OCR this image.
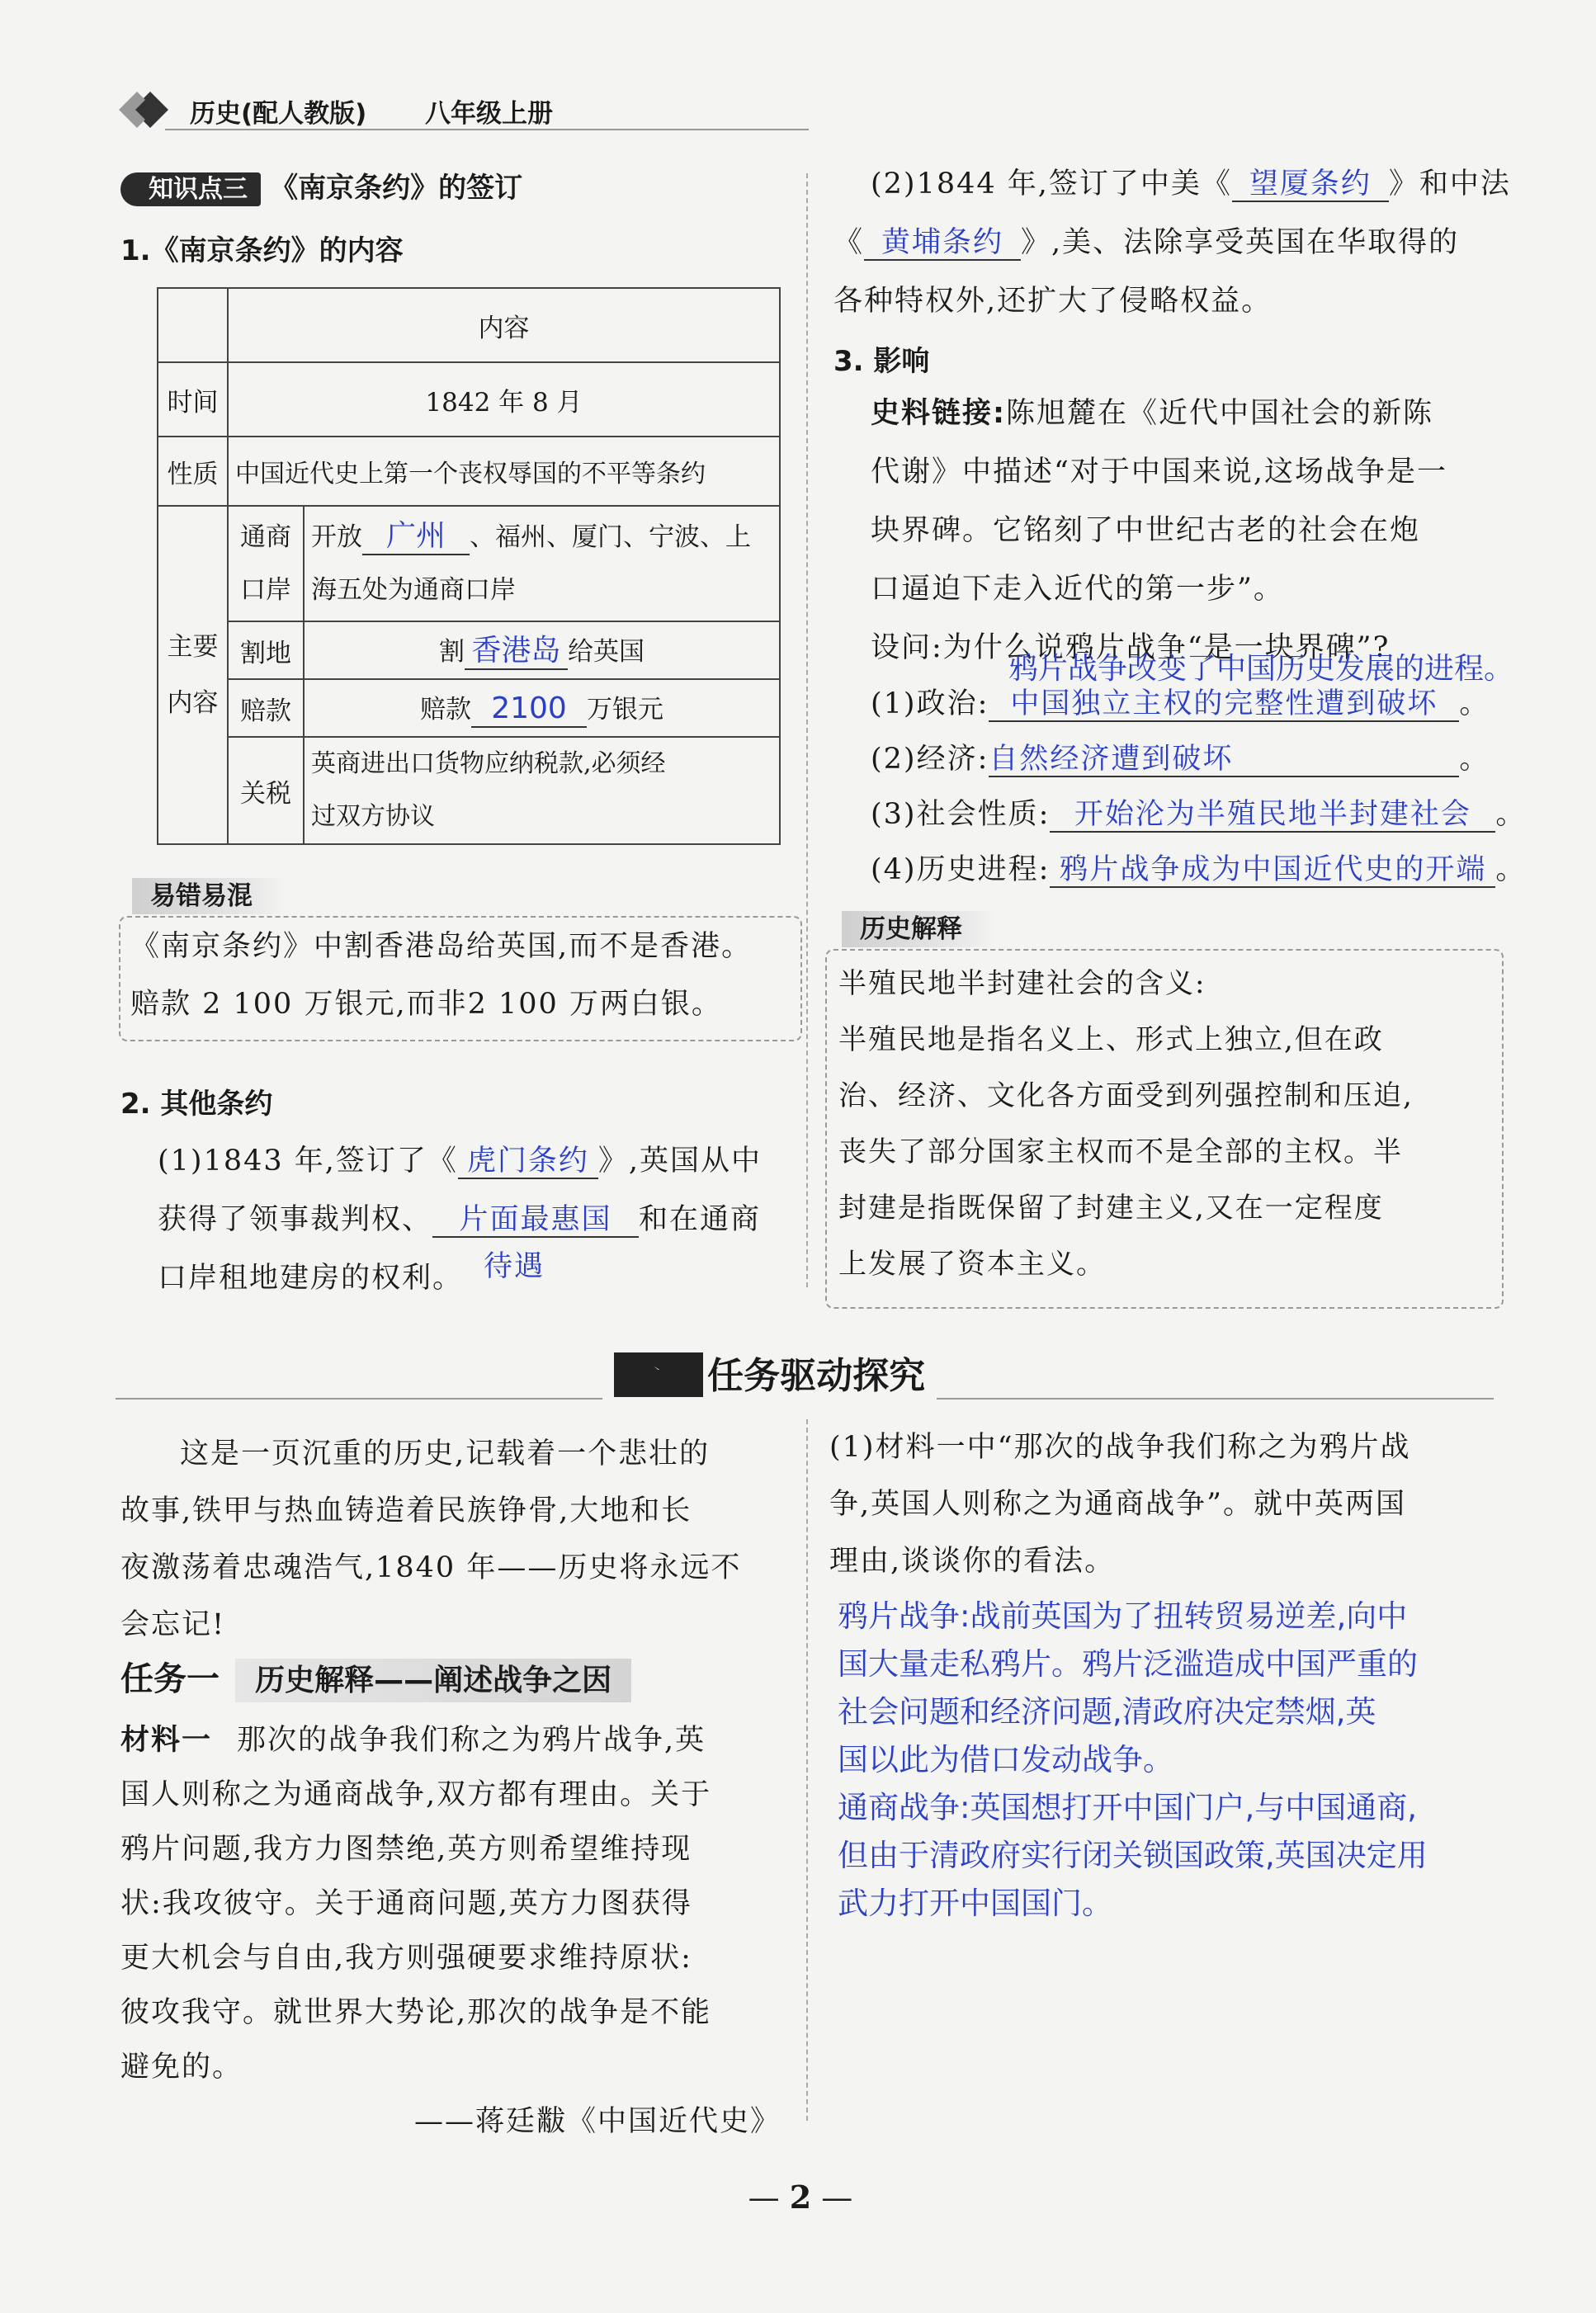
历史(配人教版) 八年级上册
知识点三 《南京条约》的签订
1.《南京条约》的内容
	内容	
时间	1842 年 8 月	
性质	中国近代史上第一个丧权辱国的不平等条约	
主要内容	通商口岸	开放 广州 、福州、厦门、宁波、上
海五处为通商口岸
	割地	割 香港岛 给英国
	赔款	赔款 2100 万银元
	关税	英商进出口货物应纳税款,必须经
过双方协议
易错易混
《南京条约》中割香港岛给英国,而不是香港。
赔款 2 100 万银元,而非2 100 万两白银。
2. 其他条约
(1)1843 年,签订了《 虎门条约 》,英国从中
获得了领事裁判权、 片面最惠国 和在通商
口岸租地建房的权利。 待遇
(2)1844 年,签订了中美《 望厦条约 》和中法
《 黄埔条约 》,美、法除享受英国在华取得的
各种特权外,还扩大了侵略权益。
3. 影响
史料链接:陈旭麓在《近代中国社会的新陈
代谢》中描述“对于中国来说,这场战争是一
块界碑。它铭刻了中世纪古老的社会在炮
口逼迫下走入近代的第一步”。
设问:为什么说鸦片战争“是一块界碑”?
鸦片战争改变了中国历史发展的进程。
(1)政治: 中国独立主权的完整性遭到破坏 。
(2)经济:自然经济遭到破坏	。
(3)社会性质: 开始沦为半殖民地半封建社会 。
(4)历史进程: 鸦片战争成为中国近代史的开端 。
历史解释
半殖民地半封建社会的含义:
半殖民地是指名义上、形式上独立,但在政
治、经济、文化各方面受到列强控制和压迫,
丧失了部分国家主权而不是全部的主权。半
封建是指既保留了封建主义,又在一定程度
上发展了资本主义。
合作 任务驱动探究
这是一页沉重的历史,记载着一个悲壮的
故事,铁甲与热血铸造着民族铮骨,大地和长
夜激荡着忠魂浩气,1840 年——历史将永远不
会忘记!
任务一 历史解释——阐述战争之因
材料一 那次的战争我们称之为鸦片战争,英
国人则称之为通商战争,双方都有理由。关于
鸦片问题,我方力图禁绝,英方则希望维持现
状:我攻彼守。关于通商问题,英方力图获得
更大机会与自由,我方则强硬要求维持原状:
彼攻我守。就世界大势论,那次的战争是不能
避免的。
——蒋廷黻《中国近代史》
(1)材料一中“那次的战争我们称之为鸦片战
争,英国人则称之为通商战争”。就中英两国
理由,谈谈你的看法。
鸦片战争:战前英国为了扭转贸易逆差,向中
国大量走私鸦片。鸦片泛滥造成中国严重的
社会问题和经济问题,清政府决定禁烟,英
国以此为借口发动战争。
通商战争:英国想打开中国门户,与中国通商,
但由于清政府实行闭关锁国政策,英国决定用
武力打开中国国门。
— 2 —
